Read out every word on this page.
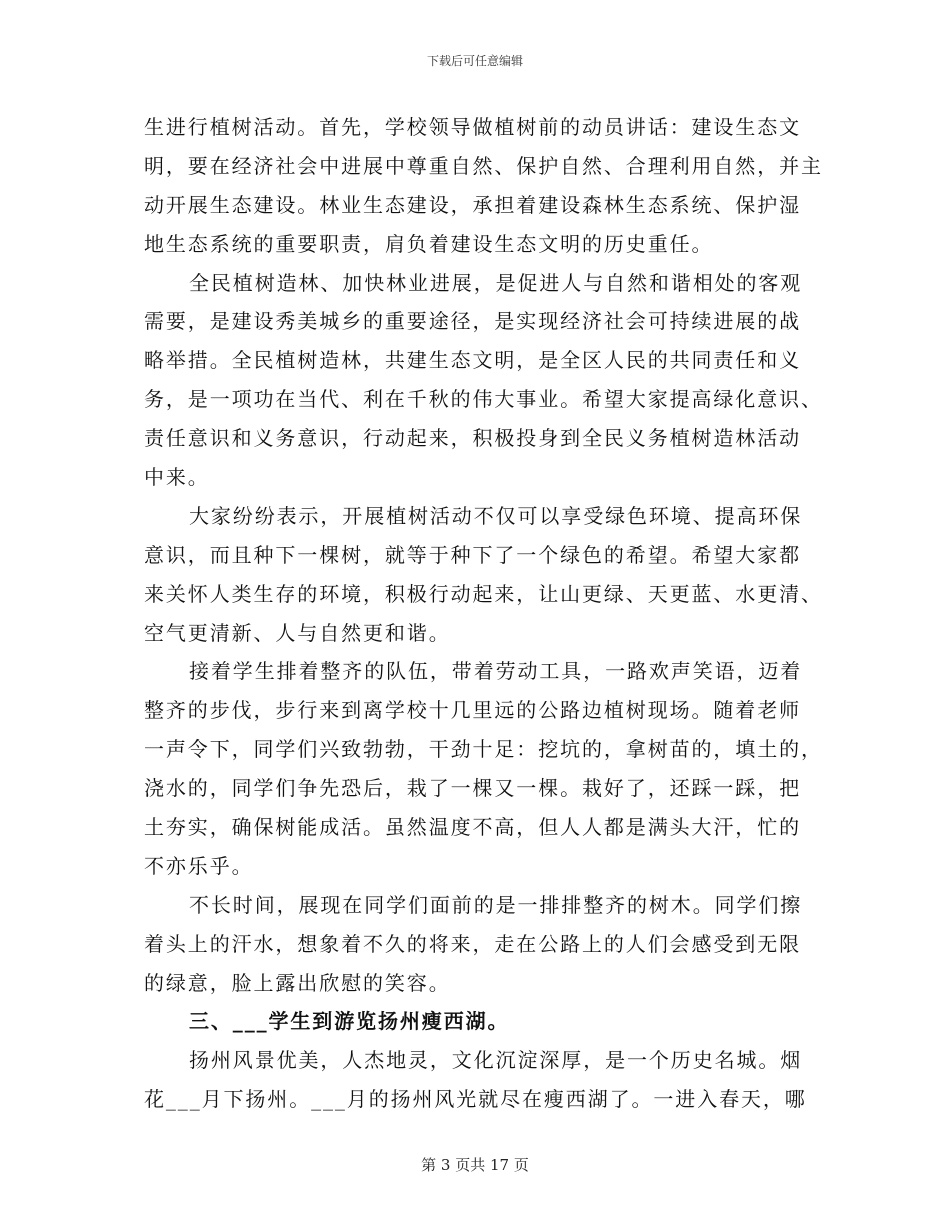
下载后可任意编辑
生进行植树活动。首先，学校领导做植树前的动员讲话：建设生态文
明，要在经济社会中进展中尊重自然、保护自然、合理利用自然，并主
动开展生态建设。林业生态建设，承担着建设森林生态系统、保护湿
地生态系统的重要职责，肩负着建设生态文明的历史重任。
全民植树造林、加快林业进展，是促进人与自然和谐相处的客观
需要，是建设秀美城乡的重要途径，是实现经济社会可持续进展的战
略举措。全民植树造林，共建生态文明，是全区人民的共同责任和义
务，是一项功在当代、利在千秋的伟大事业。希望大家提高绿化意识、
责任意识和义务意识，行动起来，积极投身到全民义务植树造林活动
中来。
大家纷纷表示，开展植树活动不仅可以享受绿色环境、提高环保
意识，而且种下一棵树，就等于种下了一个绿色的希望。希望大家都
来关怀人类生存的环境，积极行动起来，让山更绿、天更蓝、水更清、
空气更清新、人与自然更和谐。
接着学生排着整齐的队伍，带着劳动工具，一路欢声笑语，迈着
整齐的步伐，步行来到离学校十几里远的公路边植树现场。随着老师
一声令下，同学们兴致勃勃，干劲十足：挖坑的，拿树苗的，填土的，
浇水的，同学们争先恐后，栽了一棵又一棵。栽好了，还踩一踩，把
土夯实，确保树能成活。虽然温度不高，但人人都是满头大汗，忙的
不亦乐乎。
不长时间，展现在同学们面前的是一排排整齐的树木。同学们擦
着头上的汗水，想象着不久的将来，走在公路上的人们会感受到无限
的绿意，脸上露出欣慰的笑容。
三、___学生到游览扬州瘦西湖。
扬州风景优美，人杰地灵，文化沉淀深厚，是一个历史名城。烟
花___月下扬州。___月的扬州风光就尽在瘦西湖了。一进入春天，哪
第 3 页共 17 页
